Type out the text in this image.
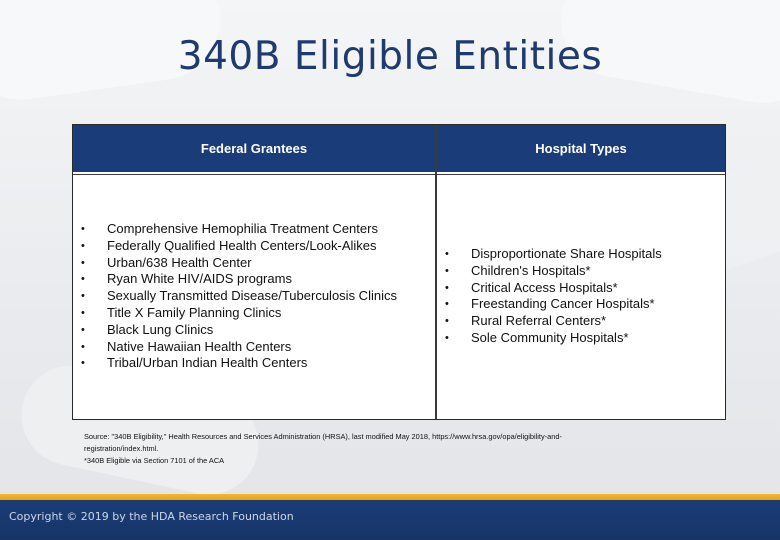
340B Eligible Entities
Federal Grantees	Hospital Types
• Comprehensive Hemophilia Treatment Centers
• Federally Qualified Health Centers/Look-Alikes
• Urban/638 Health Center
• Ryan White HIV/AIDS programs
• Sexually Transmitted Disease/Tuberculosis Clinics
• Title X Family Planning Clinics
• Black Lung Clinics
• Native Hawaiian Health Centers
• Tribal/Urban Indian Health Centers
• Disproportionate Share Hospitals
• Children's Hospitals*
• Critical Access Hospitals*
• Freestanding Cancer Hospitals*
• Rural Referral Centers*
• Sole Community Hospitals*
Source: "340B Eligibility," Health Resources and Services Administration (HRSA), last modified May 2018, https://www.hrsa.gov/opa/eligibility-and-
registration/index.html.
*340B Eligible via Section 7101 of the ACA
Copyright © 2019 by the HDA Research Foundation
